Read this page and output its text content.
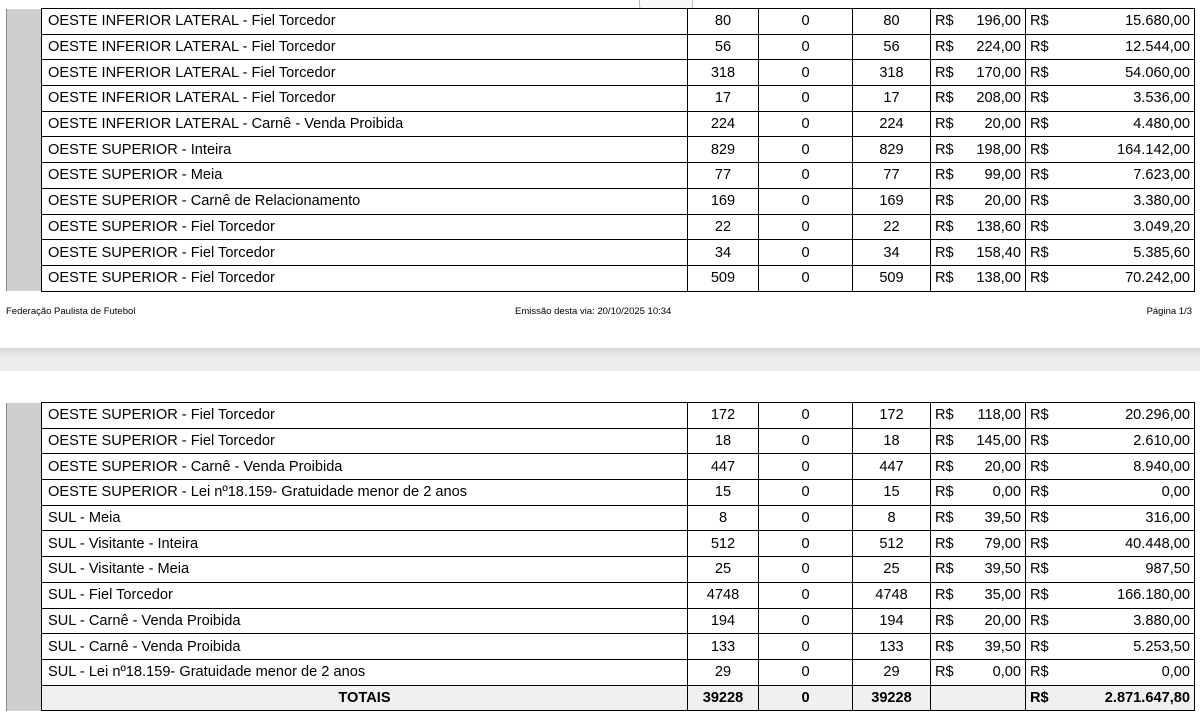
	OESTE INFERIOR LATERAL - Fiel Torcedor	80	0	80	R$	196,00	R$	15.680,00
	OESTE INFERIOR LATERAL - Fiel Torcedor	56	0	56	R$	224,00	R$	12.544,00
	OESTE INFERIOR LATERAL - Fiel Torcedor	318	0	318	R$	170,00	R$	54.060,00
	OESTE INFERIOR LATERAL - Fiel Torcedor	17	0	17	R$	208,00	R$	3.536,00
	OESTE INFERIOR LATERAL - Carnê - Venda Proibida	224	0	224	R$	20,00	R$	4.480,00
	OESTE SUPERIOR - Inteira	829	0	829	R$	198,00	R$	164.142,00
	OESTE SUPERIOR - Meia	77	0	77	R$	99,00	R$	7.623,00
	OESTE SUPERIOR - Carnê de Relacionamento	169	0	169	R$	20,00	R$	3.380,00
	OESTE SUPERIOR - Fiel Torcedor	22	0	22	R$	138,60	R$	3.049,20
	OESTE SUPERIOR - Fiel Torcedor	34	0	34	R$	158,40	R$	5.385,60
	OESTE SUPERIOR - Fiel Torcedor	509	0	509	R$	138,00	R$	70.242,00
Federação Paulista de Futebol	Emissão desta via: 20/10/2025 10:34	Página 1/3
	OESTE SUPERIOR - Fiel Torcedor	172	0	172	R$	118,00	R$	20.296,00
	OESTE SUPERIOR - Fiel Torcedor	18	0	18	R$	145,00	R$	2.610,00
	OESTE SUPERIOR - Carnê - Venda Proibida	447	0	447	R$	20,00	R$	8.940,00
	OESTE SUPERIOR - Lei nº18.159- Gratuidade menor de 2 anos	15	0	15	R$	0,00	R$	0,00
	SUL - Meia	8	0	8	R$	39,50	R$	316,00
	SUL - Visitante - Inteira	512	0	512	R$	79,00	R$	40.448,00
	SUL - Visitante - Meia	25	0	25	R$	39,50	R$	987,50
	SUL - Fiel Torcedor	4748	0	4748	R$	35,00	R$	166.180,00
	SUL - Carnê - Venda Proibida	194	0	194	R$	20,00	R$	3.880,00
	SUL - Carnê - Venda Proibida	133	0	133	R$	39,50	R$	5.253,50
	SUL - Lei nº18.159- Gratuidade menor de 2 anos	29	0	29	R$	0,00	R$	0,00
	TOTAIS	39228	0	39228			R$	2.871.647,80
